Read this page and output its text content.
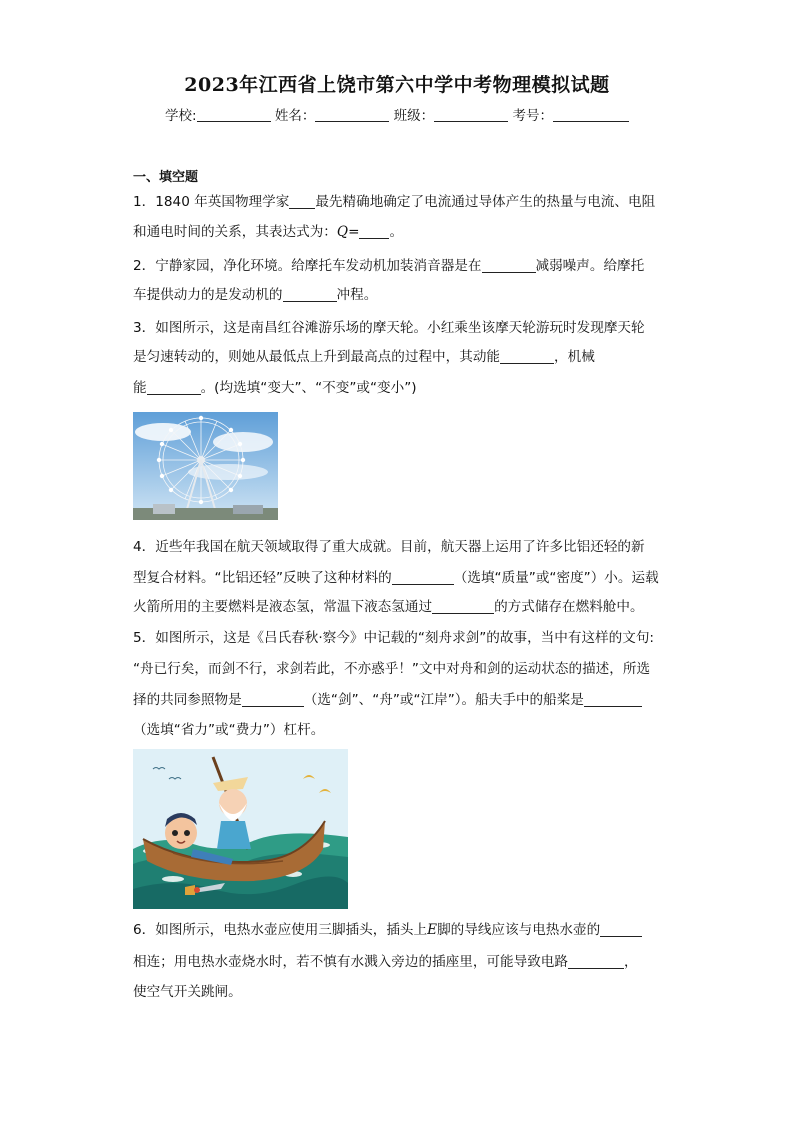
2023年江西省上饶市第六中学中考物理模拟试题
学校:	姓名：	班级：	考号：
一、填空题
1．1840 年英国物理学家 最先精确地确定了电流通过导体产生的热量与电流、电阻
和通电时间的关系，其表达式为：Q= 。
2．宁静家园，净化环境。给摩托车发动机加装消音器是在	减弱噪声。给摩托
车提供动力的是发动机的	冲程。
3．如图所示，这是南昌红谷滩游乐场的摩天轮。小红乘坐该摩天轮游玩时发现摩天轮
是匀速转动的，则她从最低点上升到最高点的过程中，其动能	，机械
能	。(均选填“变大”、“不变”或“变小”)
4．近些年我国在航天领域取得了重大成就。目前，航天器上运用了许多比铝还轻的新
型复合材料。“比铝还轻”反映了这种材料的	（选填“质量”或“密度”）小。运载
火箭所用的主要燃料是液态氢，常温下液态氢通过	的方式储存在燃料舱中。
5．如图所示，这是《吕氏春秋·察今》中记载的“刻舟求剑”的故事，当中有这样的文句:
“舟已行矣，而剑不行，求剑若此，不亦惑乎！”文中对舟和剑的运动状态的描述，所选
择的共同参照物是	（选“剑”、“舟”或“江岸”）。船夫手中的船桨是
（选填“省力”或“费力”）杠杆。
6．如图所示，电热水壶应使用三脚插头，插头上E脚的导线应该与电热水壶的
相连；用电热水壶烧水时，若不慎有水溅入旁边的插座里，可能导致电路	，
使空气开关跳闸。
